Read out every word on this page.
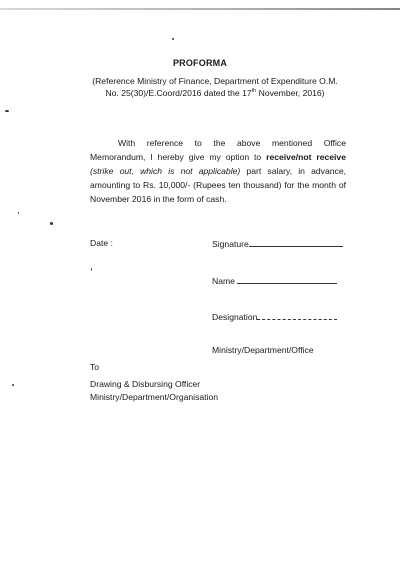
PROFORMA
(Reference Ministry of Finance, Department of Expenditure O.M.
No. 25(30)/E.Coord/2016 dated the 17th November, 2016)
With reference to the above mentioned Office Memorandum, I hereby give my option to receive/not receive (strike out, which is not applicable) part salary, in advance, amounting to Rs. 10,000/- (Rupees ten thousand) for the month of November 2016 in the form of cash.
Date :	Signature
Name
Designation
Ministry/Department/Office
To
Drawing & Disbursing Officer
Ministry/Department/Organisation
